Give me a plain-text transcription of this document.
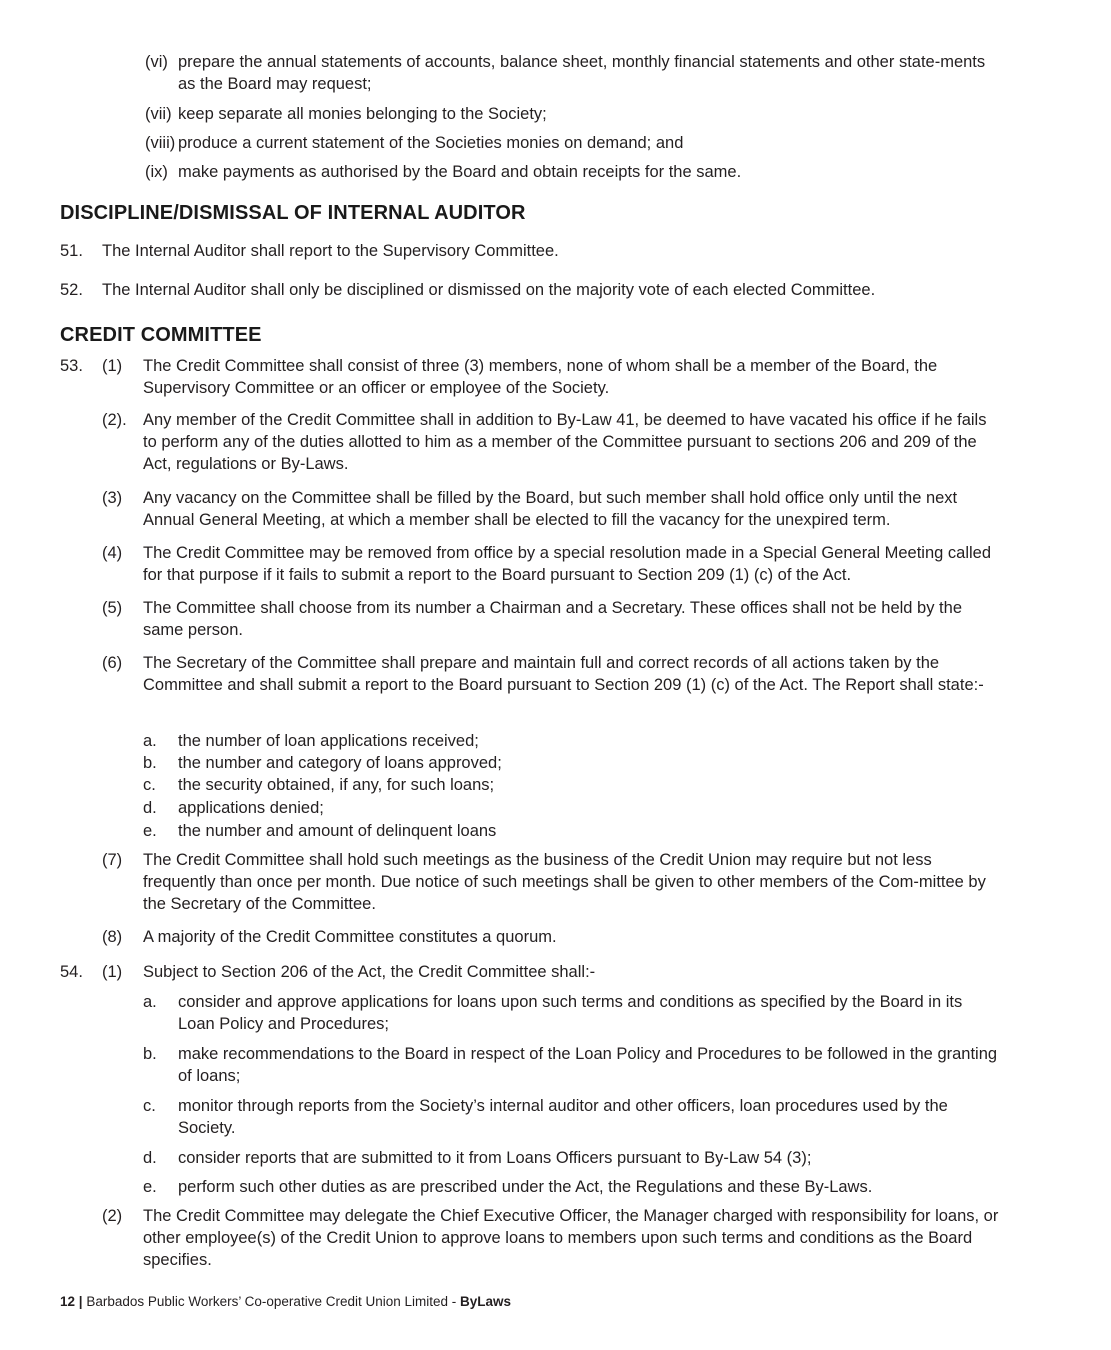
(vi) prepare the annual statements of accounts, balance sheet, monthly financial statements and other state-ments as the Board may request;
(vii) keep separate all monies belonging to the Society;
(viii) produce a current statement of the Societies monies on demand; and
(ix) make payments as authorised by the Board and obtain receipts for the same.
DISCIPLINE/DISMISSAL OF INTERNAL AUDITOR
51. The Internal Auditor shall report to the Supervisory Committee.
52. The Internal Auditor shall only be disciplined or dismissed on the majority vote of each elected Committee.
CREDIT COMMITTEE
53. (1) The Credit Committee shall consist of three (3) members, none of whom shall be a member of the Board, the Supervisory Committee or an officer or employee of the Society.
(2). Any member of the Credit Committee shall in addition to By-Law 41, be deemed to have vacated his office if he fails to perform any of the duties allotted to him as a member of the Committee pursuant to sections 206 and 209 of the Act, regulations or By-Laws.
(3) Any vacancy on the Committee shall be filled by the Board, but such member shall hold office only until the next Annual General Meeting, at which a member shall be elected to fill the vacancy for the unexpired term.
(4) The Credit Committee may be removed from office by a special resolution made in a Special General Meeting called for that purpose if it fails to submit a report to the Board pursuant to Section 209 (1) (c) of the Act.
(5) The Committee shall choose from its number a Chairman and a Secretary. These offices shall not be held by the same person.
(6) The Secretary of the Committee shall prepare and maintain full and correct records of all actions taken by the Committee and shall submit a report to the Board pursuant to Section 209 (1) (c) of the Act. The Report shall state:-
a. the number of loan applications received;
b. the number and category of loans approved;
c. the security obtained, if any, for such loans;
d. applications denied;
e. the number and amount of delinquent loans
(7) The Credit Committee shall hold such meetings as the business of the Credit Union may require but not less frequently than once per month. Due notice of such meetings shall be given to other members of the Com-mittee by the Secretary of the Committee.
(8) A majority of the Credit Committee constitutes a quorum.
54. (1) Subject to Section 206 of the Act, the Credit Committee shall:-
a. consider and approve applications for loans upon such terms and conditions as specified by the Board in its Loan Policy and Procedures;
b. make recommendations to the Board in respect of the Loan Policy and Procedures to be followed in the granting of loans;
c. monitor through reports from the Society’s internal auditor and other officers, loan procedures used by the Society.
d. consider reports that are submitted to it from Loans Officers pursuant to By-Law 54 (3);
e. perform such other duties as are prescribed under the Act, the Regulations and these By-Laws.
(2) The Credit Committee may delegate the Chief Executive Officer, the Manager charged with responsibility for loans, or other employee(s) of the Credit Union to approve loans to members upon such terms and conditions as the Board specifies.
12 | Barbados Public Workers’ Co-operative Credit Union Limited - ByLaws
